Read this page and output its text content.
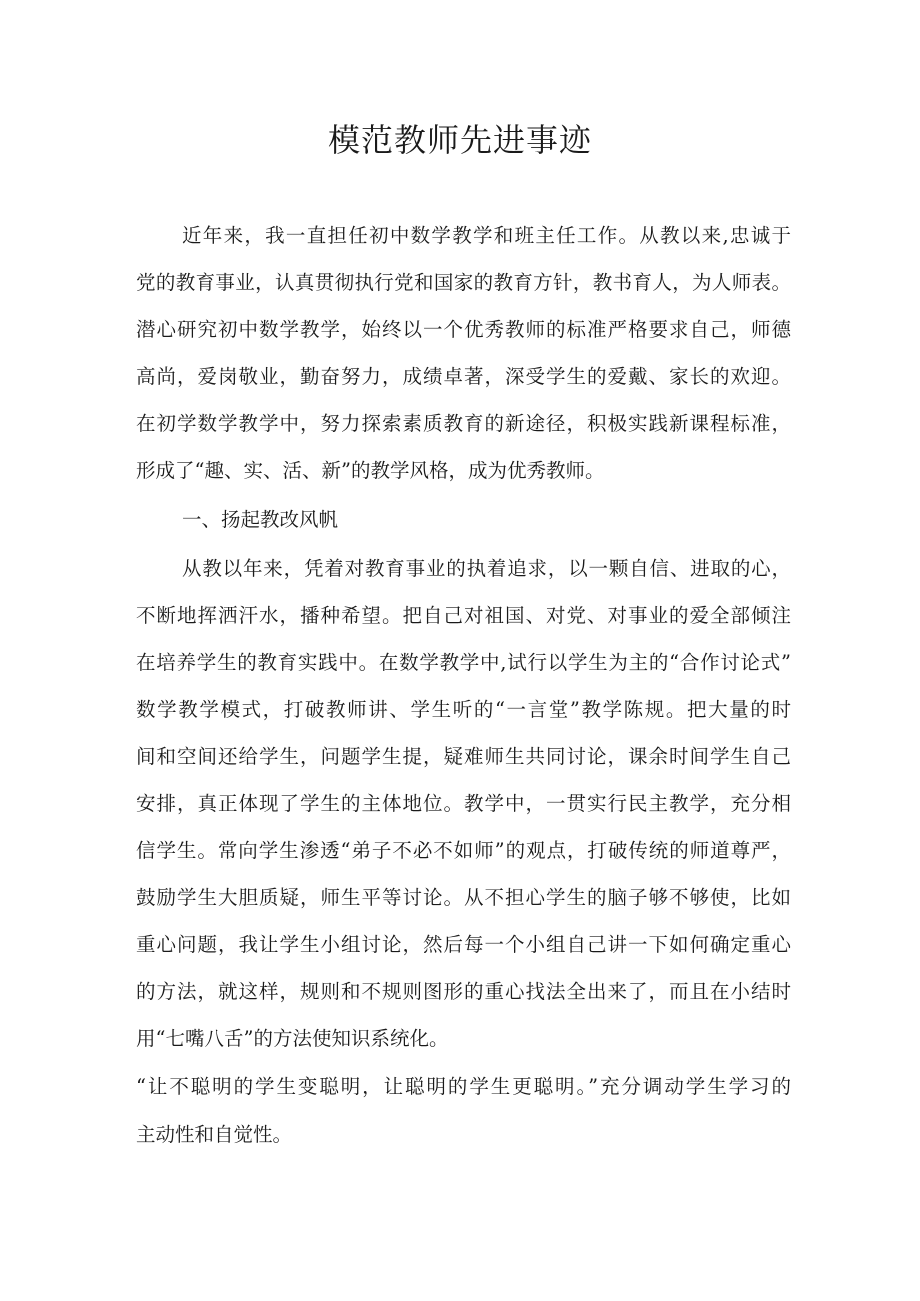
模范教师先进事迹

近年来，我一直担任初中数学教学和班主任工作。从教以来,忠诚于

党的教育事业，认真贯彻执行党和国家的教育方针，教书育人，为人师表。

潜心研究初中数学教学，始终以一个优秀教师的标准严格要求自己，师德

高尚，爱岗敬业，勤奋努力，成绩卓著，深受学生的爱戴、家长的欢迎。

在初学数学教学中，努力探索素质教育的新途径，积极实践新课程标准，

形成了“趣、实、活、新”的教学风格，成为优秀教师。

一、扬起教改风帆

从教以年来，凭着对教育事业的执着追求，以一颗自信、进取的心，

不断地挥洒汗水，播种希望。把自己对祖国、对党、对事业的爱全部倾注

在培养学生的教育实践中。在数学教学中,试行以学生为主的“合作讨论式”

数学教学模式，打破教师讲、学生听的“一言堂”教学陈规。把大量的时

间和空间还给学生，问题学生提，疑难师生共同讨论，课余时间学生自己

安排，真正体现了学生的主体地位。教学中，一贯实行民主教学，充分相

信学生。常向学生渗透“弟子不必不如师”的观点，打破传统的师道尊严，

鼓励学生大胆质疑，师生平等讨论。从不担心学生的脑子够不够使，比如

重心问题，我让学生小组讨论，然后每一个小组自己讲一下如何确定重心

的方法，就这样，规则和不规则图形的重心找法全出来了，而且在小结时

用“七嘴八舌”的方法使知识系统化。

“让不聪明的学生变聪明，让聪明的学生更聪明。”充分调动学生学习的

主动性和自觉性。
